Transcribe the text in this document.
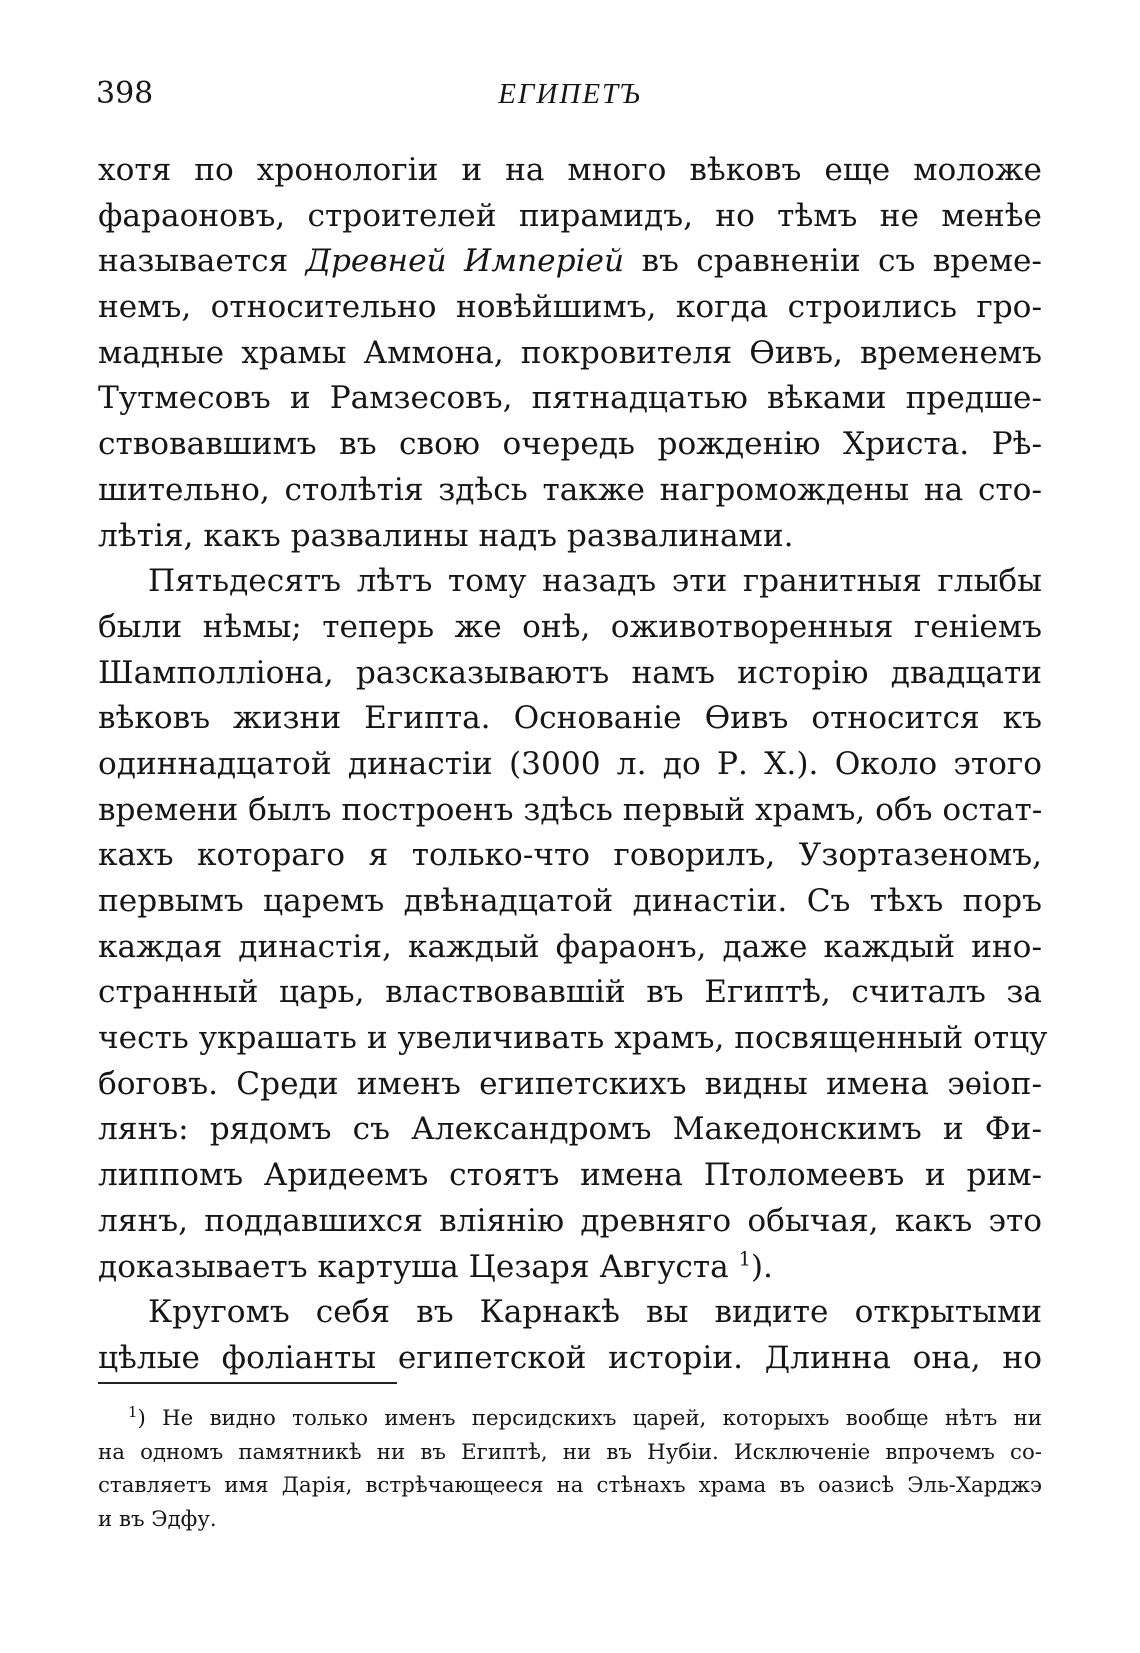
398	ЕГИПЕТЪ
хотя по хронологіи и на много вѣковъ еще моложе
фараоновъ, строителей пирамидъ, но тѣмъ не менѣе
называется Древней Имперіей въ сравненіи съ време-
немъ, относительно новѣйшимъ, когда строились гро-
мадные храмы Аммона, покровителя Ѳивъ, временемъ
Тутмесовъ и Рамзесовъ, пятнадцатью вѣками предше-
ствовавшимъ въ свою очередь рожденію Христа. Рѣ-
шительно, столѣтія здѣсь также нагромождены на сто-
лѣтія, какъ развалины надъ развалинами.
Пятьдесятъ лѣтъ тому назадъ эти гранитныя глыбы
были нѣмы; теперь же онѣ, оживотворенныя геніемъ
Шамполліона, разсказываютъ намъ исторію двадцати
вѣковъ жизни Египта. Основаніе Ѳивъ относится къ
одиннадцатой династіи (3000 л. до Р. Х.). Около этого
времени былъ построенъ здѣсь первый храмъ, объ остат-
кахъ котораго я только-что говорилъ, Узортазеномъ,
первымъ царемъ двѣнадцатой династіи. Съ тѣхъ поръ
каждая династія, каждый фараонъ, даже каждый ино-
странный царь, властвовавшій въ Египтѣ, считалъ за
честь украшать и увеличивать храмъ, посвященный отцу
боговъ. Среди именъ египетскихъ видны имена эѳіоп-
лянъ: рядомъ съ Александромъ Македонскимъ и Фи-
липпомъ Аридеемъ стоятъ имена Птоломеевъ и рим-
лянъ, поддавшихся вліянію древняго обычая, какъ это
доказываетъ картуша Цезаря Августа $^1$).
Кругомъ себя въ Карнакѣ вы видите открытыми
цѣлые фоліанты египетской исторіи. Длинна она, но
$^1$) Не видно только именъ персидскихъ царей, которыхъ вообще нѣтъ ни
на одномъ памятникѣ ни въ Египтѣ, ни въ Нубіи. Исключеніе впрочемъ со-
ставляетъ имя Дарія, встрѣчающееся на стѣнахъ храма въ оазисѣ Эль-Харджэ
и въ Эдфу.
